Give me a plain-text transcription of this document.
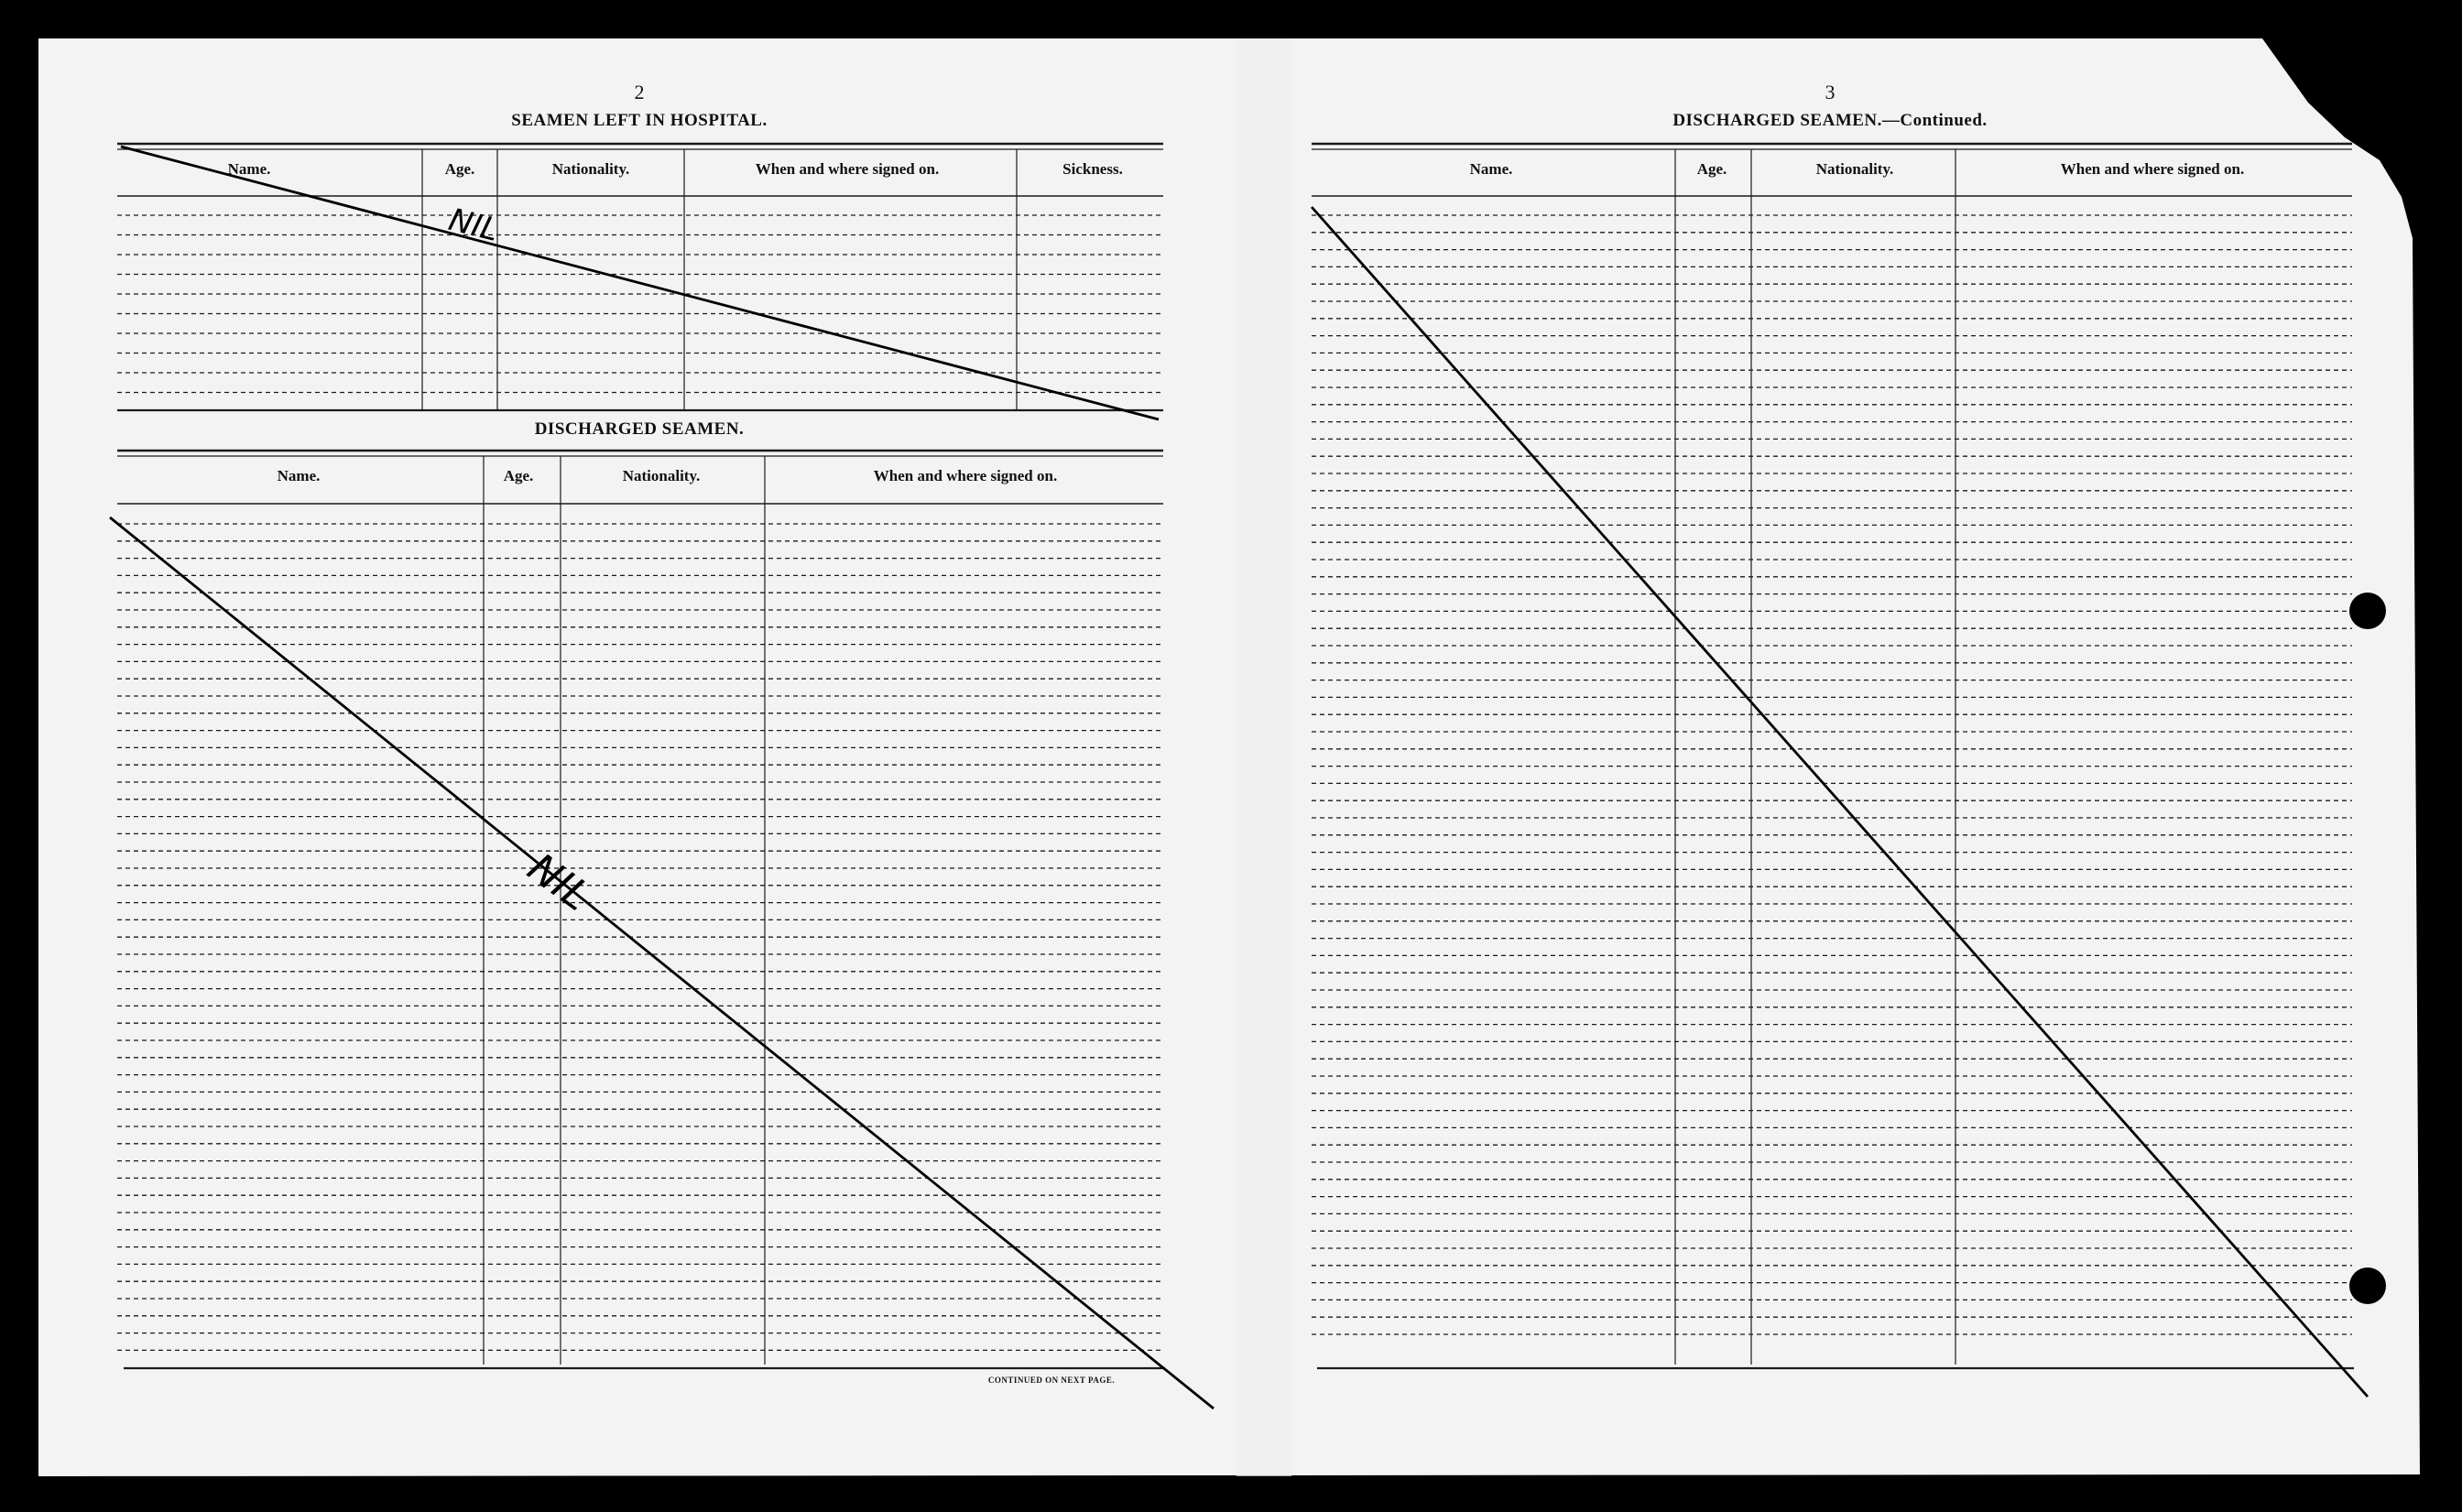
2
SEAMEN LEFT IN HOSPITAL.
Name.	Age.	Nationality.	When and where signed on.	Sickness.
NIL
DISCHARGED SEAMEN.
Name.	Age.	Nationality.	When and where signed on.
NIL
CONTINUED ON NEXT PAGE.
3
DISCHARGED SEAMEN.—Continued.
Name.	Age.	Nationality.	When and where signed on.
